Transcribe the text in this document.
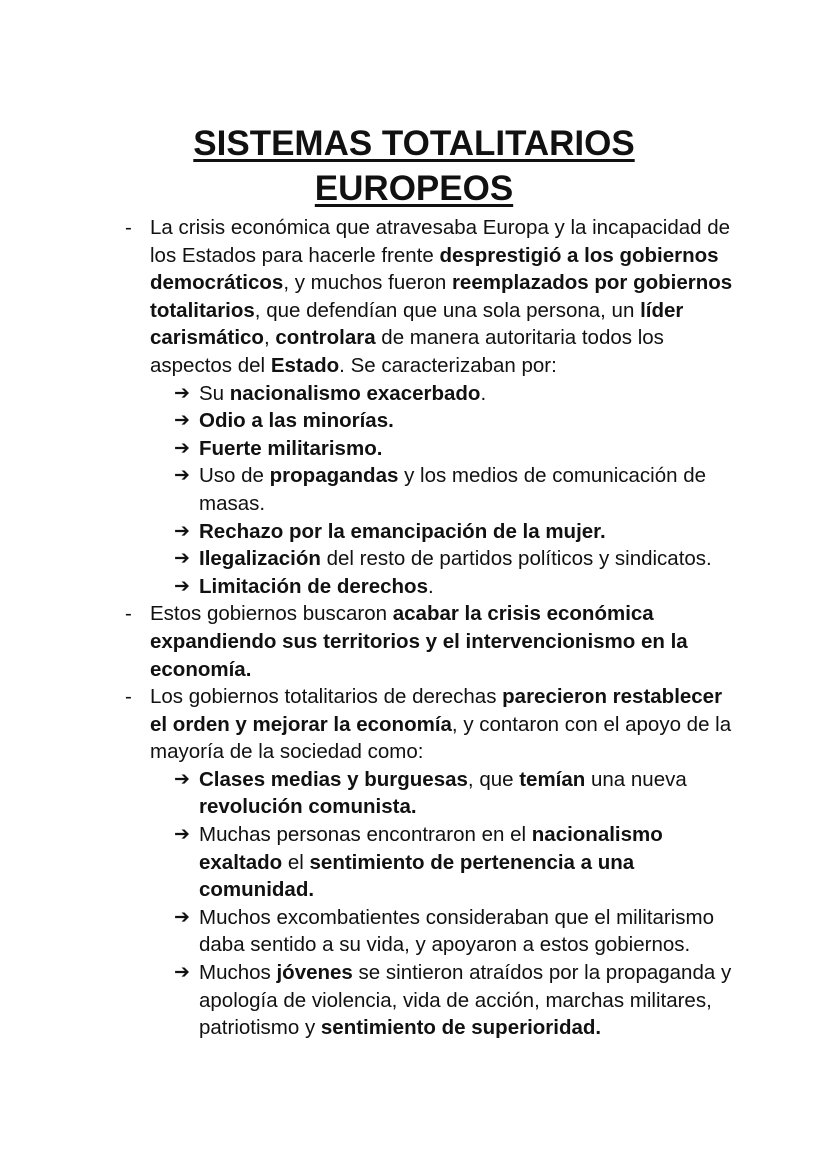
SISTEMAS TOTALITARIOS
EUROPEOS
- La crisis económica que atravesaba Europa y la incapacidad de los Estados para hacerle frente desprestigió a los gobiernos democráticos, y muchos fueron reemplazados por gobiernos totalitarios, que defendían que una sola persona, un líder carismático, controlara de manera autoritaria todos los aspectos del Estado. Se caracterizaban por:
➔ Su nacionalismo exacerbado.
➔ Odio a las minorías.
➔ Fuerte militarismo.
➔ Uso de propagandas y los medios de comunicación de masas.
➔ Rechazo por la emancipación de la mujer.
➔ Ilegalización del resto de partidos políticos y sindicatos.
➔ Limitación de derechos.
- Estos gobiernos buscaron acabar la crisis económica expandiendo sus territorios y el intervencionismo en la economía.
- Los gobiernos totalitarios de derechas parecieron restablecer el orden y mejorar la economía, y contaron con el apoyo de la mayoría de la sociedad como:
➔ Clases medias y burguesas, que temían una nueva revolución comunista.
➔ Muchas personas encontraron en el nacionalismo exaltado el sentimiento de pertenencia a una comunidad.
➔ Muchos excombatientes consideraban que el militarismo daba sentido a su vida, y apoyaron a estos gobiernos.
➔ Muchos jóvenes se sintieron atraídos por la propaganda y apología de violencia, vida de acción, marchas militares, patriotismo y sentimiento de superioridad.
